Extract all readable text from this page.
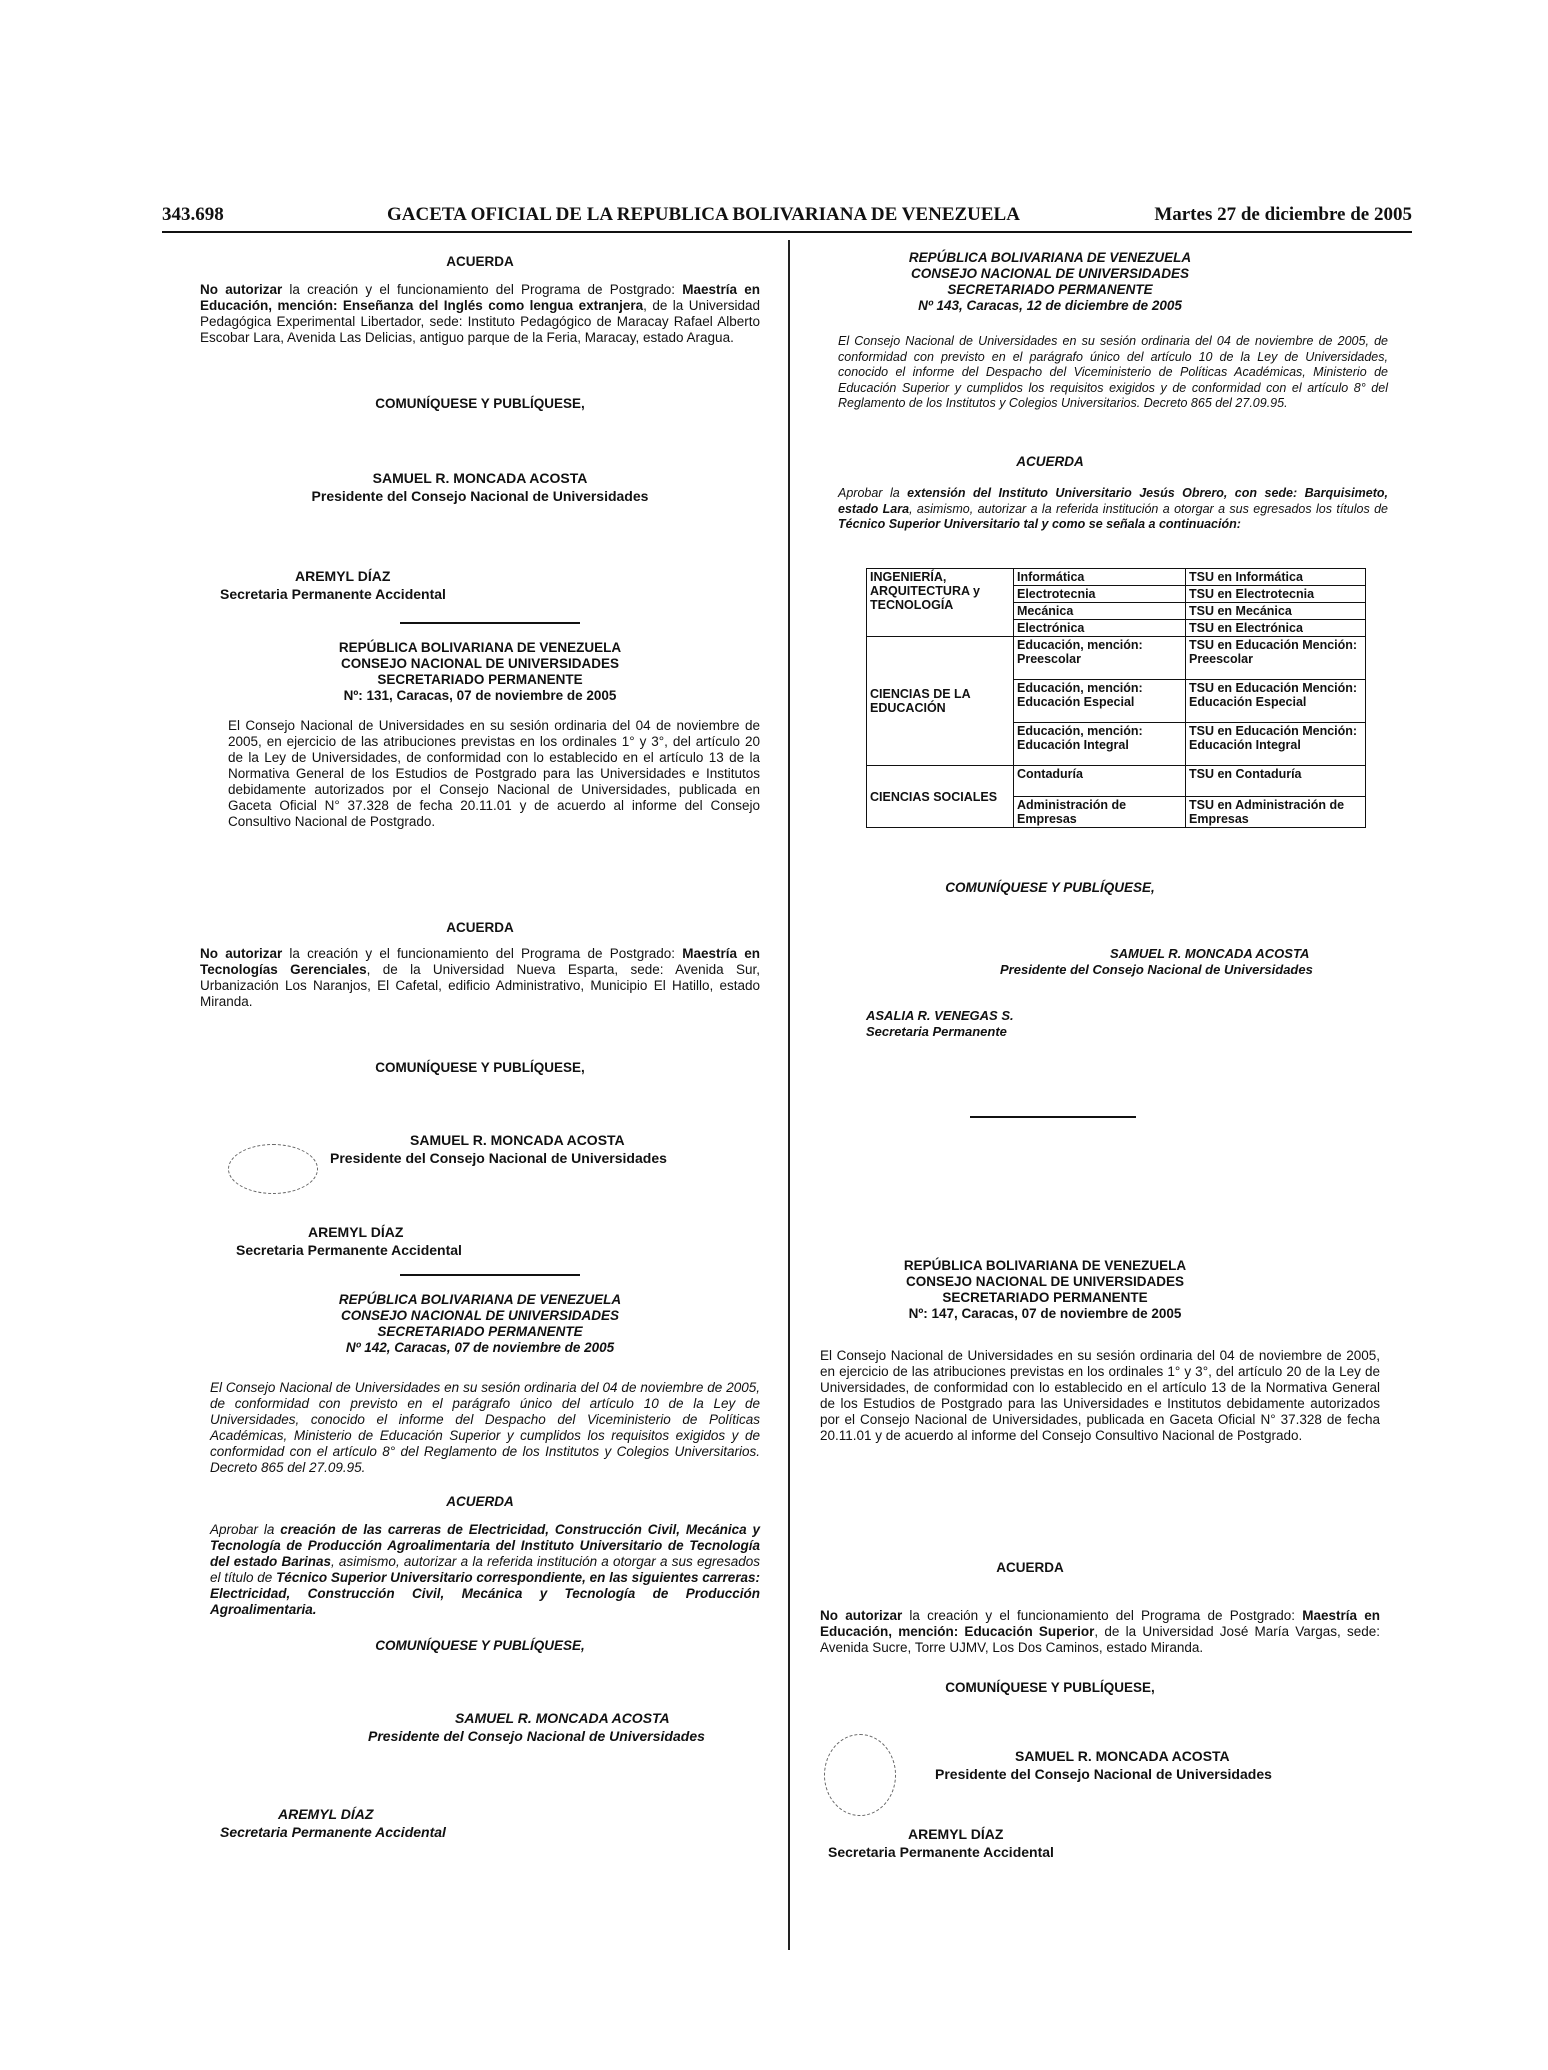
343.698	GACETA OFICIAL DE LA REPUBLICA BOLIVARIANA DE VENEZUELA	Martes 27 de diciembre de 2005
ACUERDA

No autorizar la creación y el funcionamiento del Programa de Postgrado: Maestría en Educación, mención: Enseñanza del Inglés como lengua extranjera, de la Universidad Pedagógica Experimental Libertador, sede: Instituto Pedagógico de Maracay Rafael Alberto Escobar Lara, Avenida Las Delicias, antiguo parque de la Feria, Maracay, estado Aragua.

COMUNÍQUESE Y PUBLÍQUESE,
SAMUEL R. MONCADA ACOSTA
Presidente del Consejo Nacional de Universidades
AREMYL DÍAZ
Secretaria Permanente Accidental
REPÚBLICA BOLIVARIANA DE VENEZUELA
CONSEJO NACIONAL DE UNIVERSIDADES
SECRETARIADO PERMANENTE
Nº: 131, Caracas, 07 de noviembre de 2005

El Consejo Nacional de Universidades en su sesión ordinaria del 04 de noviembre de 2005, en ejercicio de las atribuciones previstas en los ordinales 1° y 3°, del artículo 20 de la Ley de Universidades, de conformidad con lo establecido en el artículo 13 de la Normativa General de los Estudios de Postgrado para las Universidades e Institutos debidamente autorizados por el Consejo Nacional de Universidades, publicada en Gaceta Oficial N° 37.328 de fecha 20.11.01 y de acuerdo al informe del Consejo Consultivo Nacional de Postgrado.

ACUERDA

No autorizar la creación y el funcionamiento del Programa de Postgrado: Maestría en Tecnologías Gerenciales, de la Universidad Nueva Esparta, sede: Avenida Sur, Urbanización Los Naranjos, El Cafetal, edificio Administrativo, Municipio El Hatillo, estado Miranda.

COMUNÍQUESE Y PUBLÍQUESE,
SAMUEL R. MONCADA ACOSTA
Presidente del Consejo Nacional de Universidades
AREMYL DÍAZ
Secretaria Permanente Accidental
REPÚBLICA BOLIVARIANA DE VENEZUELA
CONSEJO NACIONAL DE UNIVERSIDADES
SECRETARIADO PERMANENTE
Nº 142, Caracas, 07 de noviembre de 2005

El Consejo Nacional de Universidades en su sesión ordinaria del 04 de noviembre de 2005, de conformidad con previsto en el parágrafo único del artículo 10 de la Ley de Universidades, conocido el informe del Despacho del Viceministerio de Políticas Académicas, Ministerio de Educación Superior y cumplidos los requisitos exigidos y de conformidad con el artículo 8° del Reglamento de los Institutos y Colegios Universitarios. Decreto 865 del 27.09.95.

ACUERDA

Aprobar la creación de las carreras de Electricidad, Construcción Civil, Mecánica y Tecnología de Producción Agroalimentaria del Instituto Universitario de Tecnología del estado Barinas, asimismo, autorizar a la referida institución a otorgar a sus egresados el título de Técnico Superior Universitario correspondiente, en las siguientes carreras: Electricidad, Construcción Civil, Mecánica y Tecnología de Producción Agroalimentaria.

COMUNÍQUESE Y PUBLÍQUESE,
SAMUEL R. MONCADA ACOSTA
Presidente del Consejo Nacional de Universidades
AREMYL DÍAZ
Secretaria Permanente Accidental
REPÚBLICA BOLIVARIANA DE VENEZUELA
CONSEJO NACIONAL DE UNIVERSIDADES
SECRETARIADO PERMANENTE
Nº 143, Caracas, 12 de diciembre de 2005

El Consejo Nacional de Universidades en su sesión ordinaria del 04 de noviembre de 2005, de conformidad con previsto en el parágrafo único del artículo 10 de la Ley de Universidades, conocido el informe del Despacho del Viceministerio de Políticas Académicas, Ministerio de Educación Superior y cumplidos los requisitos exigidos y de conformidad con el artículo 8° del Reglamento de los Institutos y Colegios Universitarios. Decreto 865 del 27.09.95.

ACUERDA

Aprobar la extensión del Instituto Universitario Jesús Obrero, con sede: Barquisimeto, estado Lara, asimismo, autorizar a la referida institución a otorgar a sus egresados los títulos de Técnico Superior Universitario tal y como se señala a continuación:

INGENIERÍA, ARQUITECTURA y TECNOLOGÍA	Informática	TSU en Informática
	Electrotecnia	TSU en Electrotecnia
	Mecánica	TSU en Mecánica
	Electrónica	TSU en Electrónica
CIENCIAS DE LA EDUCACIÓN	Educación, mención: Preescolar	TSU en Educación Mención: Preescolar
	Educación, mención: Educación Especial	TSU en Educación Mención: Educación Especial
	Educación, mención: Educación Integral	TSU en Educación Mención: Educación Integral
CIENCIAS SOCIALES	Contaduría	TSU en Contaduría
	Administración de Empresas	TSU en Administración de Empresas
COMUNÍQUESE Y PUBLÍQUESE,
SAMUEL R. MONCADA ACOSTA
Presidente del Consejo Nacional de Universidades
ASALIA R. VENEGAS S.
Secretaria Permanente
REPÚBLICA BOLIVARIANA DE VENEZUELA
CONSEJO NACIONAL DE UNIVERSIDADES
SECRETARIADO PERMANENTE
Nº: 147, Caracas, 07 de noviembre de 2005

El Consejo Nacional de Universidades en su sesión ordinaria del 04 de noviembre de 2005, en ejercicio de las atribuciones previstas en los ordinales 1° y 3°, del artículo 20 de la Ley de Universidades, de conformidad con lo establecido en el artículo 13 de la Normativa General de los Estudios de Postgrado para las Universidades e Institutos debidamente autorizados por el Consejo Nacional de Universidades, publicada en Gaceta Oficial N° 37.328 de fecha 20.11.01 y de acuerdo al informe del Consejo Consultivo Nacional de Postgrado.

ACUERDA

No autorizar la creación y el funcionamiento del Programa de Postgrado: Maestría en Educación, mención: Educación Superior, de la Universidad José María Vargas, sede: Avenida Sucre, Torre UJMV, Los Dos Caminos, estado Miranda.

COMUNÍQUESE Y PUBLÍQUESE,
SAMUEL R. MONCADA ACOSTA
Presidente del Consejo Nacional de Universidades
AREMYL DÍAZ
Secretaria Permanente Accidental
